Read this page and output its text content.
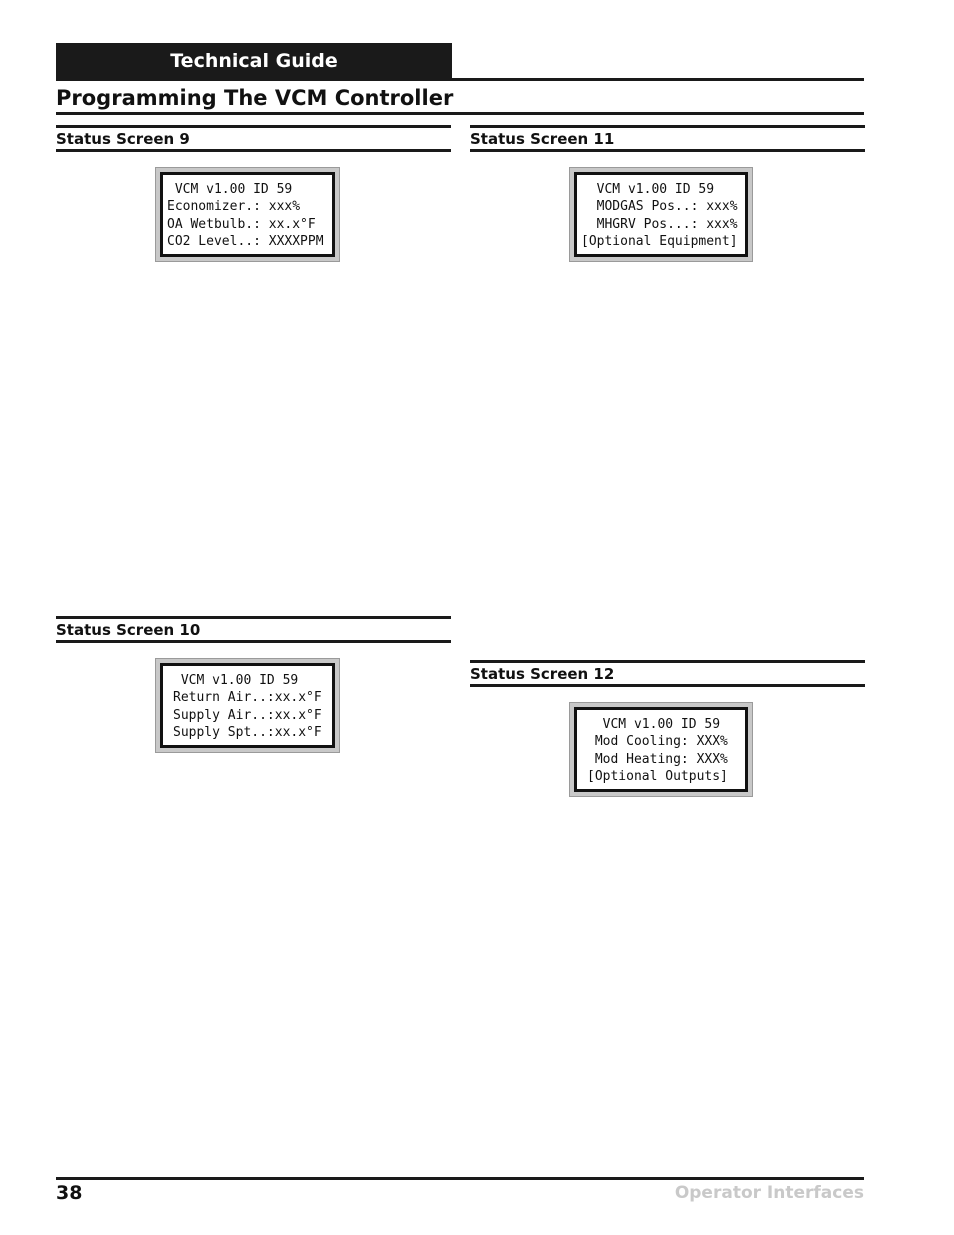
Technical Guide
Programming The VCM Controller
Status Screen 9
VCM v1.00 ID 59
Economizer.: xxx%
OA Wetbulb.: xx.x°F
CO2 Level..: XXXXPPM
Status Screen 10
VCM v1.00 ID 59
Return Air..:xx.x°F
Supply Air..:xx.x°F
Supply Spt..:xx.x°F
Status Screen 11
VCM v1.00 ID 59
MODGAS Pos..: xxx%
MHGRV Pos...: xxx%
[Optional Equipment]
Status Screen 12
VCM v1.00 ID 59
Mod Cooling: XXX%
Mod Heating: XXX%
[Optional Outputs]
38	Operator Interfaces
